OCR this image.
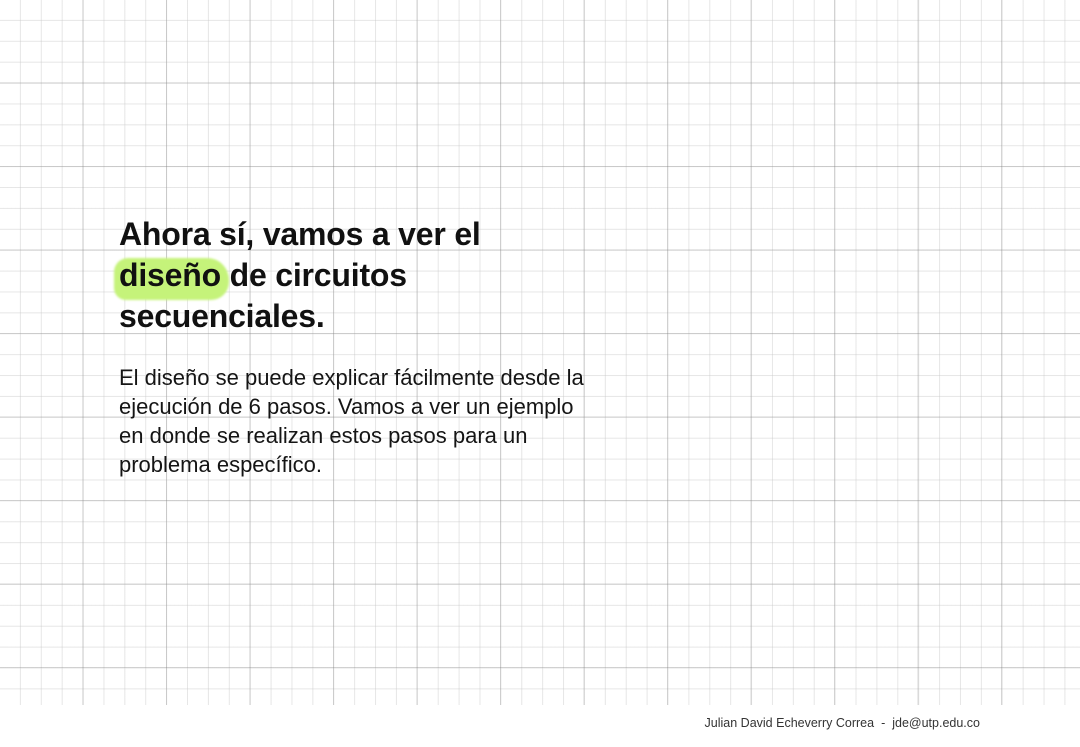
Ahora sí, vamos a ver el
diseño de circuitos secuenciales.

El diseño se puede explicar fácilmente desde la ejecución de 6 pasos. Vamos a ver un ejemplo en donde se realizan estos pasos para un problema específico.

Julian David Echeverry Correa - jde@utp.edu.co
